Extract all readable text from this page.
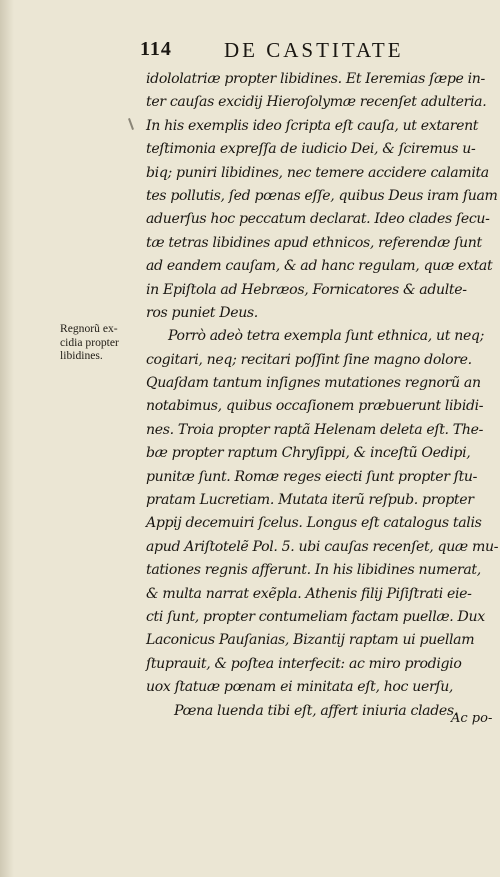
114 DE CASTITATE
Regnorũ ex-
cidia propter
libidines.
idololatriæ propter libidines. Et Ieremias ſæpe in-
ter cauſas excidij Hieroſolymæ recenſet adulteria.
In his exemplis ideo ſcripta eſt cauſa, ut extarent
teſtimonia expreſſa de iudicio Dei, & ſciremus u-
biq; puniri libidines, nec temere accidere calamita
tes pollutis, ſed pœnas eſſe, quibus Deus iram ſuam
aduerſus hoc peccatum declarat. Ideo clades ſecu-
tæ tetras libidines apud ethnicos, referendæ ſunt
ad eandem cauſam, & ad hanc regulam, quæ extat
in Epiſtola ad Hebræos, Fornicatores & adulte-
ros puniet Deus.
Porrò adeò tetra exempla ſunt ethnica, ut neq;
cogitari, neq; recitari poſſint ſine magno dolore.
Quaſdam tantum inſignes mutationes regnorũ an
notabimus, quibus occaſionem præbuerunt libidi-
nes. Troia propter raptã Helenam deleta eſt. The-
bæ propter raptum Chryſippi, & inceſtũ Oedipi,
punitæ ſunt. Romæ reges eiecti ſunt propter ſtu-
pratam Lucretiam. Mutata iterũ reſpub. propter
Appij decemuiri ſcelus. Longus eſt catalogus talis
apud Ariſtotelẽ Pol. 5. ubi cauſas recenſet, quæ mu-
tationes regnis afferunt. In his libidines numerat,
& multa narrat exẽpla. Athenis filij Piſiſtrati eie-
cti ſunt, propter contumeliam factam puellæ. Dux
Laconicus Pauſanias, Bizantij raptam ui puellam
ſtuprauit, & poſtea interfecit: ac miro prodigio
uox ſtatuæ pœnam ei minitata eſt, hoc uerſu,
Pœna luenda tibi eſt, affert iniuria clades.
Ac po-
